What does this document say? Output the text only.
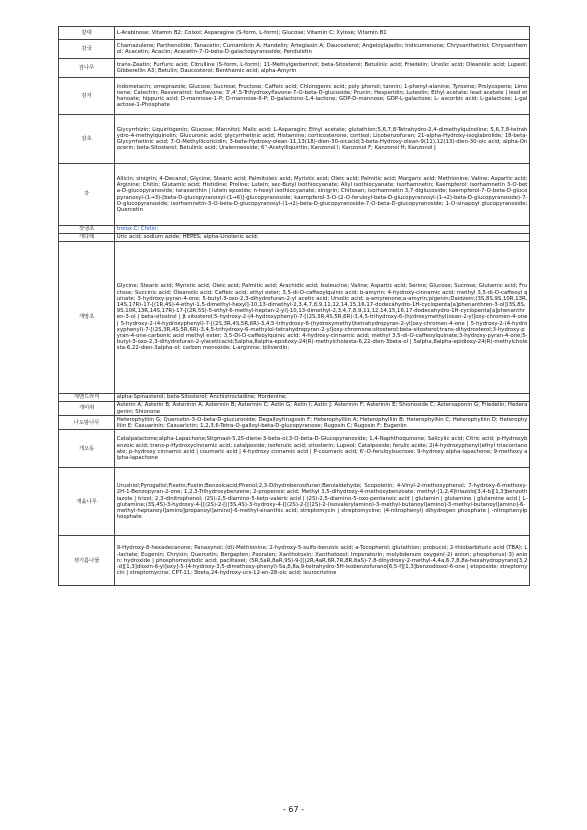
갈대	L-Arabinose; Vitamin B2; Coixol; Asparagine (S-form, L-form); Glucose; Vitamin C; Xylose; Vitamin B1
감국	Chamazulene; Parthenolide; Tanacetin; Cumambrin A; Handelin; Arteglasin A; Daucosterol; Angeloylajadin; Indicumenone; Chrysanthetriol; Chrysanthemol; Acacetin; Acaciin; Acacetin-7-O-beta-D-galactopyranoside; Penduletin
감나무	trans-Zeatin; Furfuric acid; Citrulline (S-form, L-form); 11-Methylgerberinol; beta-Sitosterol; Betulinic acid; Friedelin; Ursolic acid; Oleanolic acid; Lupeol; Gibberellin A3; Betulin; Daucosterol; Benthamic acid; alpha-Amyrin
감자	indometacin; omeprazole; Glucose; Sucrose; Fructose; Caffeic acid; Chlorogenic acid; poly phenol; tannin; 1-phenyl-alanine; Tyrosine; Prolycopene; Limonene; Catechin; Resveratrol; Isoflavone; 3',4',5-Trihydroxyflavone-7-O-beta-D-glucoside; Prunin; Hesperidin; Luteolin; Ethyl acetate; lead acetate | lead ethanoate; hippuric acid; D-mannose-1-P; D-mannose-6-P; D-galactono-1,4-lactone; GDP-D-mannose; GDP-L-galactose; L- ascorbic acid; L-galactose; L-galactose-1-Phosphate
감초	Glycyrrhizin; Liquiritigenin; Glucose; Mannitol; Malic acid; L-Asparagin; Ethyl acetate; glutathion;5,6,7,8-Tetrahydro-2,4-dimethylquinoline; 5,6,7,8-tetrahydro-4-methylquinolin; Glucuronic acid; glycyrrhetinic acid; Histamine; corticosterone; cortisol; Licobenzofuran; 21-alpha-Hydroxy-isoglabrolide; 18-beta-Glycyrrhetinic acid; 7-O-Methyllicoricidin; 3-beta-Hydroxy-olean-11,13(18)-dien-30-oicacid;3-beta-Hydroxy-olean-9(11),12(13)-dien-30-oic acid; alpha-Onocerin; beta-Sitosterol; Betulinic acid; Uralenneoside; 6''-Acetylliquiritin; Kanzonol I; Kanzonol F; Kanzonol H; Kanzonol J
갓	Allicin; sinigrin; 4-Decanol; Glycine; Stearic acid; Palmitoleic acid; Myristic acid; Oleic acid; Palmitic acid; Margaric acid; Methionine; Valine; Aspartic acid; Arginine; Chitin; Glutamic acid; Histidine; Proline; Lutein; sec-Butyl isothiocyanate; Allyl isothiocyanate; Isorhamnetin; Kaempferol; isorhamnetin 3-O-beta-D-glucopyranoside; taraxanthin | lutein epoxide; n-hexyl isothiocyanate; sinigrin; Chitosan; isorhamnetin 3,7-diglucoside; kaempferol-7-O-beta-D-glucopyranosyl-(1→3)-[beta-D-glucopyranosyl-(1→6)]-glucopyranoside; kaempferol-3-O-(2-O-feruloyl-beta-D-glucopyranosyl-(1→2)-beta-D-glucopyranoside)-7-O-glucopyranoside; isorhamnetin-3-O-beta-D-glucopyranosyl-(1→2)-beta-D-glucopyranoside-7-O-beta-D-glucopyranoside; 1-O-sinapoyl glucopyranoside; Quercetin
갓냉초	trolox C; Chitin;
개다래	Uric acid; sodium azide; HEPES; alpha-Linolenic acid;
개망초	Glycine; Stearic acid; Myristic acid; Oleic acid; Palmitic acid; Arachidic acid; Isoleucine; Valine; Aspartic acid; Serine; Glucose; Sucrose; Glutamic acid; Fructose; Succinic acid; Oleanolic acid; Caffeic acid; ethyl ester; 3,5-di-O-caffeoylquinic acid; b-amyrin; 4-hydroxy-cinnamic acid; methyl 3,5-di-O-caffeoyl quinate; 3-hydroxy-pyran-4-one; 5-butyl-3-oxo-2,3-dihydrofuran-2-yl acetic acid; Ursolic acid; a-amyrenone;a-amyrin;pigenin;Daidzein;(3S,8S,9S,10R,13R,14S,17R)-17-[(1R,4S)-4-ethyl-1,5-dimethyl-hexyl]-10,13-dimethyl-2,3,4,7,8,9,11,12,14,15,16,17-dodecahydro-1H-cyclopenta[a]phenanthren-3-ol](3S,8S,9S,10R,13R,14S,17R)-17-[(2R,5S)-5-ethyl-6-methyl-heptan-2-yl]-10,13-dimethyl-2,3,4,7,8,9,11,12,14,15,16,17-dodecahydro-1H-cyclopenta[a]phenanthren-3-ol | beta-sitostrol | β sitosterol;5-hydroxy-2-(4-hydroxyphenyl)-7-[(2S,3R,4S,5R,6R)-3,4,5-trihydroxy-6-(hydroxymethyl)oxan-2-yl]oxy-chromen-4-one | 5-hydroxy-2-(4-hydroxyphenyl)-7-[(2S,3R,4S,5R,6R)-3,4,5-trihydroxy-6-(hydroxymethyl)tetrahydropyran-2-yl]oxy-chromen-4-one | 5-hydroxy-2-(4-hydroxyphenyl)-7-[(2S,3R,4S,5R,6R)-3,4,5-trihydroxy-6-methylol-tetrahydropyran-2-yl]oxy-chromone;sitosterol;beta-sitosterol;trans-dihydrosterol;3-hydroxy-pyran-4-one-carbonic acid methyl ester; 3,5-Di-O-caffeoylquinic acid; 4-hydroxy-cinnamic acid; methyl 3,5-di-O-caffeoylquinate;3-hydroxy-pyran-4-one;5-butyl-3-oxo-2,3-dihydrofuran-2-ylaceticacid;5alpha,8alpha-epidioxy-24(R)-methylcholesta-6,22-dien-3beta-ol | 5alpha,8alpha-epidioxy-24(R)-methylcholesta-6,22-dien-3alpha-ol; carbon monoxide; L-arginine; biliverdin;
개맨드라미	alpha-Spinasterol; beta-Sitosterol; Anchistrocladine; Hordenine;
개미취	Asterin A; Asterin B; Asterinin A; Asterinin B; Asterinin C; Astin G; Astin I; Astin J; Asterinin F; Asterinin E; Shionoside C; Astersaponin G; Friedelin; Hederagenin; Shionone
나도밤나무	Heterophylliin G; Quercetin-3-O-beta-D-glucuronide; Degalloyltrugosin F; Heterophylliin A; Heterophylliin B; Heterophylliin C; Heterophylliin D; Heterophylliin E; Casuarinin; Casuarictin; 1,2,3,6-Tetra-O-galloyl-beta-D-glucopyranose; Rugosin C; Rugosin F; Eugeniin
개오동	Catalpalactone;alpha-Lapachone;Stigmast-5,25-diene-3-beta-ol;3-O-beta-D-Glucopyranoside; 1,4-Naphthoquinone; Salicylic acid; Citric acid; p-Hydroxybenzoic acid; trans-p-Hydroxycinnamic acid; catalposide; isoferulic acid; sitosterin; Lupeol; Catalposide; ferulic acide; 2(4-hydroxyphenyl)ethyl triacontanoate; p-hydroxy cinnamic acid | coumaric acid | 4-hydroxy cinnamic acid | P-coumaric acid; 6'-O-feruloylsucrose; 9-hydroxy alpha-lapachone; 9-methoxy alpha-lapachone
개옻나무	Urushiol;Pyrogallol;Fisetin;Fustin;Benzoicacid;Phenol;2,3-Dihydrobenzofuran;Benzaldehyde; Scopoletin; 4-Vinyl-2-methoxyphenol; 7-hydroxy-6-methoxy-2H-1-Benzopyran-2-one; 1,2,3-Trihydroxybenzene; 2-propenoic acid; Methyl 3,5-dihydroxy-4-methoxybenzoate; methyl-[1,2,4]triazolo[3,4-b][1,3]benzothiazole | trizol; 2,3-dinitrophenol; (2S)-2,5-diamino-5-keto-valeric acid | (2S)-2,5-diamino-5-oxo-pentanoic acid | glutamin | glutamine | glutamine acid | L-glutamine;(3S,4S)-3-hydroxy-4-[[(2S)-2-[[(3S,4S)-3-hydroxy-4-[[(2S)-2-[[(2S)-2-(isovalerylamino)-3-methyl-butanoyl]amino]-3-methyl-butanoyl]amino]-6-methyl-heptanoyl]amino]propanoyl]amino]-6-methyl-enanthic acid; streptomycin | streptomycine; (4-nitrophenyl) dihydrogen phosphate | -nitrophenylphosphate
갯기름나물	9-Hydroxy-8-hexadecanone; Panaxynol; (dl)-Methionine; 2-hydroxy-5-sulfo-benzoic acid; a-Tocopherol; glutathion; probucol; 2-thiobarbituric acid (TBA); L-lactate; Eugenin; Chrysin; Quercetin; Bergapten; Psoralen; Xanthotoxin; Xanthotoxol; Imperatorin; molybdenum oxygen(-2) anion; phosphorus(-3) anion; hydroxide | phosphomolybdic acid; paclitaxel; (5R,5aR,8aR,9S)-9-[[(2R,4aR,6R,7R,8R,8aS)-7,8-dihydroxy-2-methyl-4,4a,6,7,8,8a-hexahydropyrano[3,2-d][1,3]dioxin-6-yl]oxy]-5-(4-hydroxy-3,5-dimethoxy-phenyl)-5a,8,8a,9-tetrahydro-5H-isobenzofurano[6,5-f][1,3]benzodioxol-6-one | etoposide; streptomycin | streptomycine; CPT-11; 3beta,24-hydroxy-urs-12-en-28-oic acid; leurocristine
- 67 -
